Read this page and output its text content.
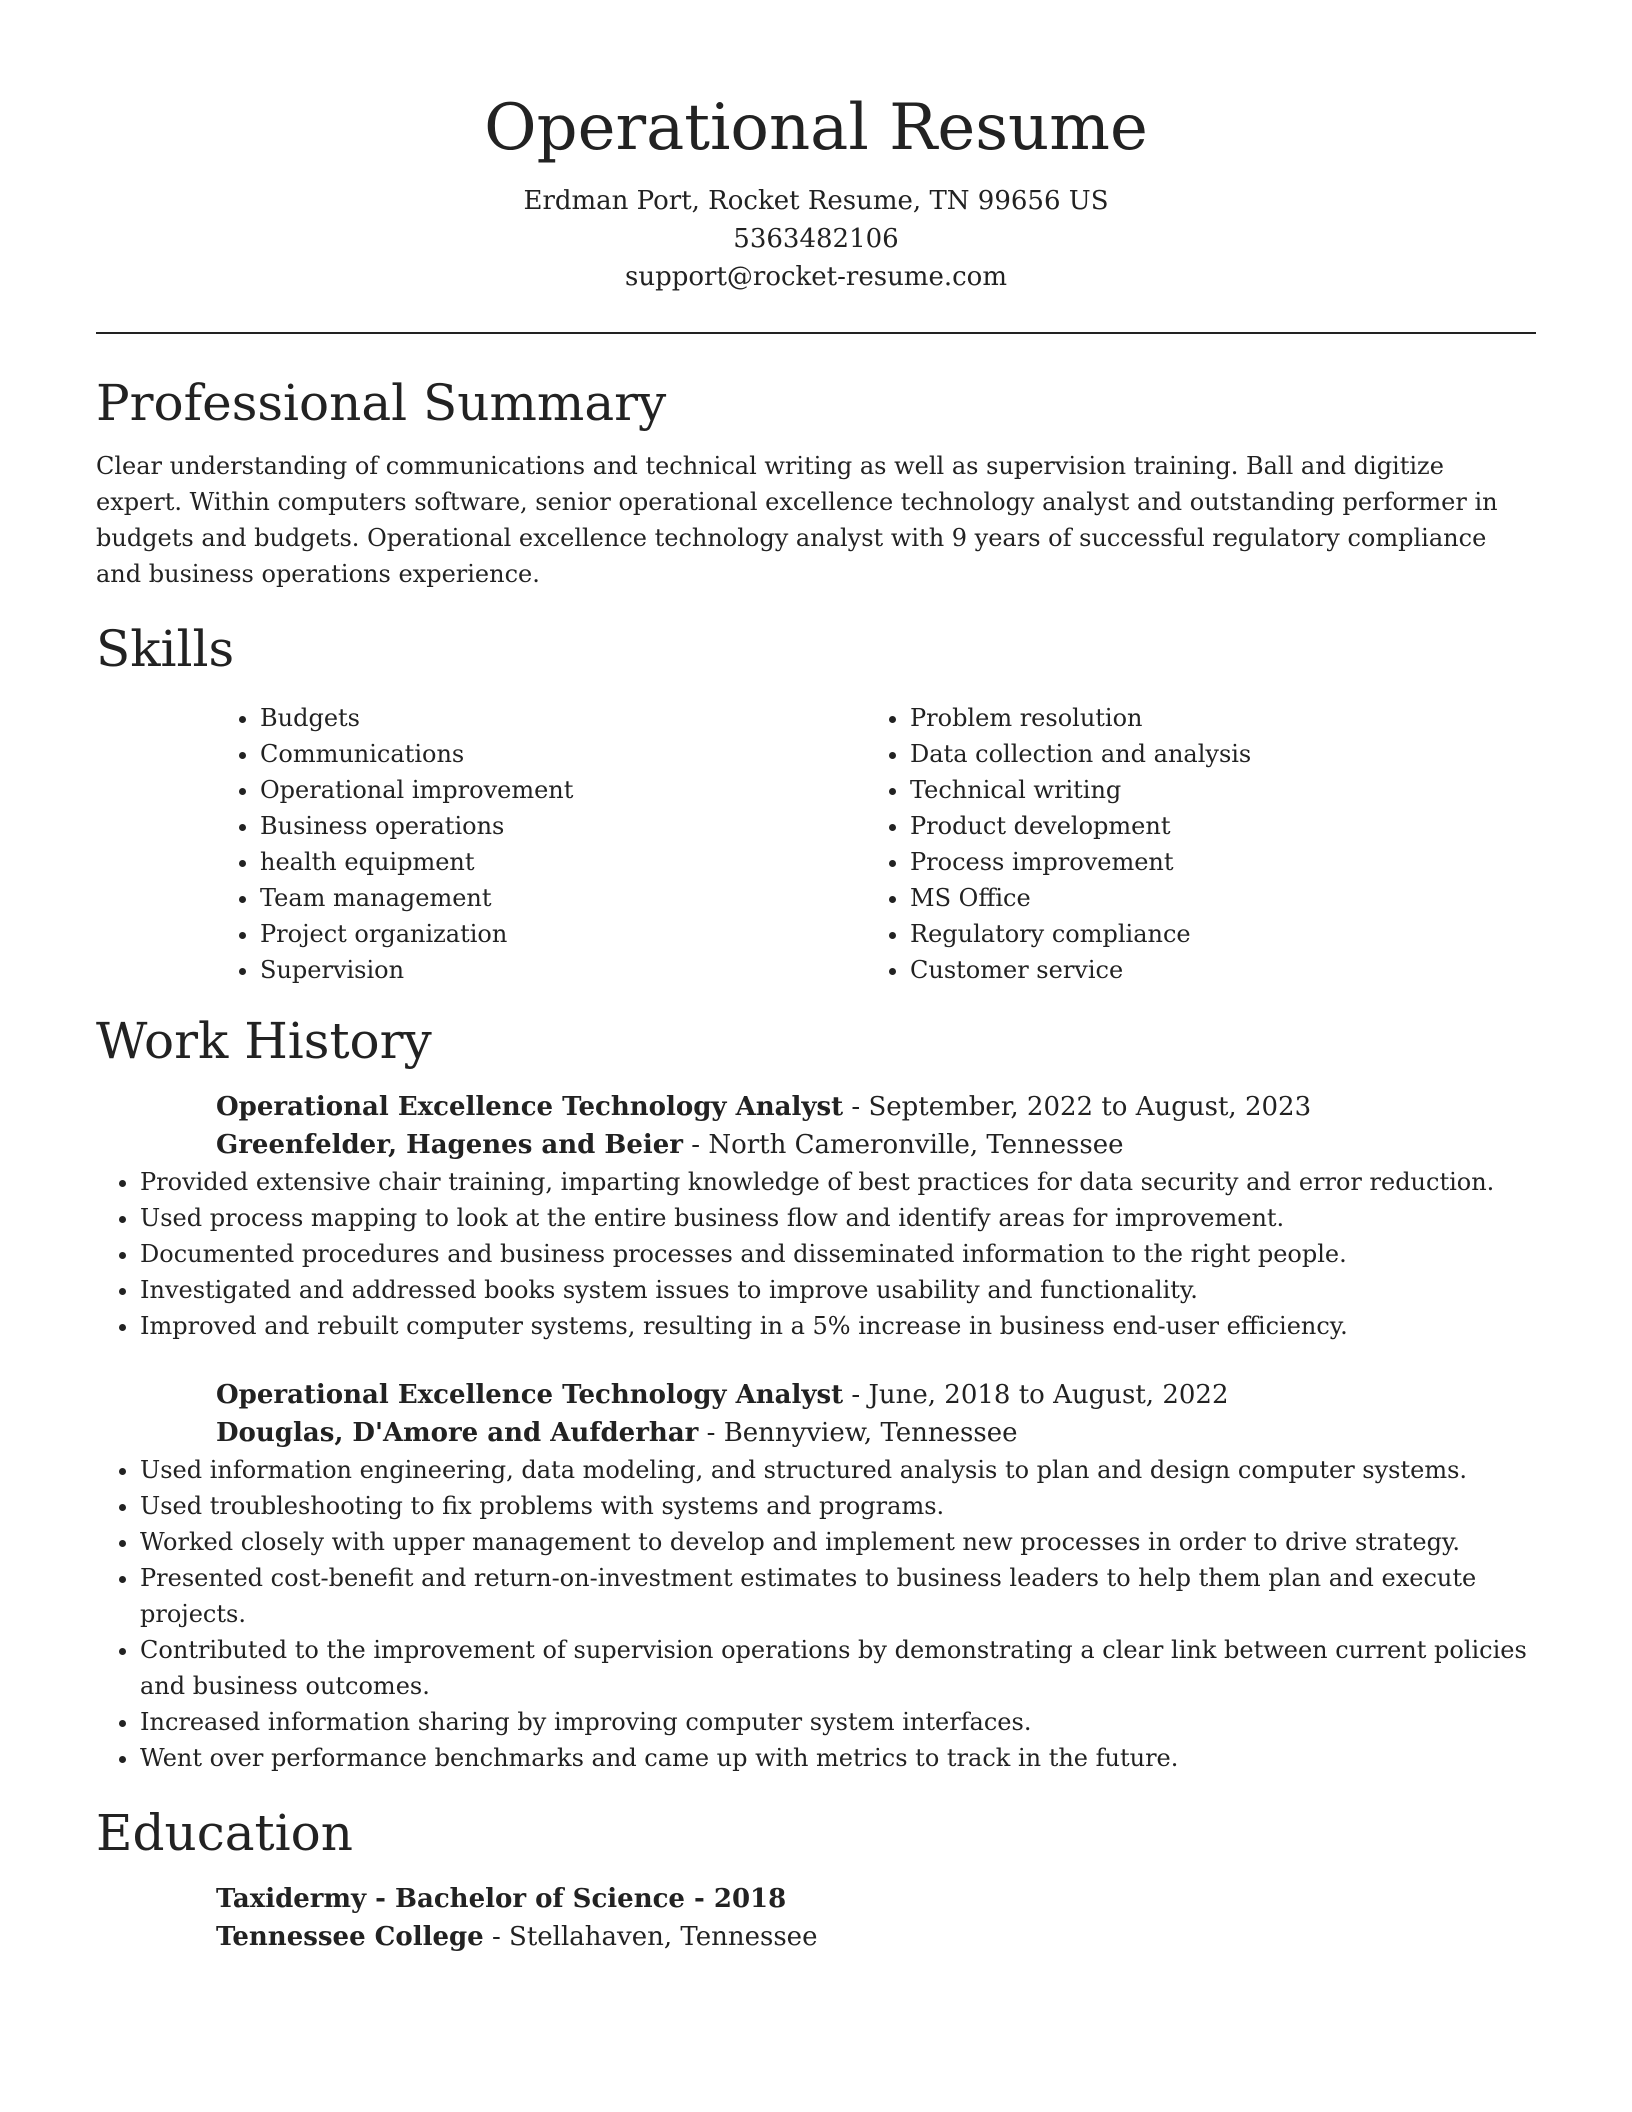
Operational Resume

Erdman Port, Rocket Resume, TN 99656 US

5363482106

support@rocket-resume.com

Professional Summary

Clear understanding of communications and technical writing as well as supervision training. Ball and digitize expert. Within computers software, senior operational excellence technology analyst and outstanding performer in budgets and budgets. Operational excellence technology analyst with 9 years of successful regulatory compliance and business operations experience.

Skills
• Budgets
• Communications
• Operational improvement
• Business operations
• health equipment
• Team management
• Project organization
• Supervision
• Problem resolution
• Data collection and analysis
• Technical writing
• Product development
• Process improvement
• MS Office
• Regulatory compliance
• Customer service
Work History

Operational Excellence Technology Analyst - September, 2022 to August, 2023

Greenfelder, Hagenes and Beier - North Cameronville, Tennessee

• Provided extensive chair training, imparting knowledge of best practices for data security and error reduction.
• Used process mapping to look at the entire business flow and identify areas for improvement.
• Documented procedures and business processes and disseminated information to the right people.
• Investigated and addressed books system issues to improve usability and functionality.
• Improved and rebuilt computer systems, resulting in a 5% increase in business end-user efficiency.

Operational Excellence Technology Analyst - June, 2018 to August, 2022

Douglas, D'Amore and Aufderhar - Bennyview, Tennessee

• Used information engineering, data modeling, and structured analysis to plan and design computer systems.
• Used troubleshooting to fix problems with systems and programs.
• Worked closely with upper management to develop and implement new processes in order to drive strategy.
• Presented cost-benefit and return-on-investment estimates to business leaders to help them plan and execute projects.
• Contributed to the improvement of supervision operations by demonstrating a clear link between current policies and business outcomes.
• Increased information sharing by improving computer system interfaces.
• Went over performance benchmarks and came up with metrics to track in the future.
Education

Taxidermy - Bachelor of Science - 2018

Tennessee College - Stellahaven, Tennessee
